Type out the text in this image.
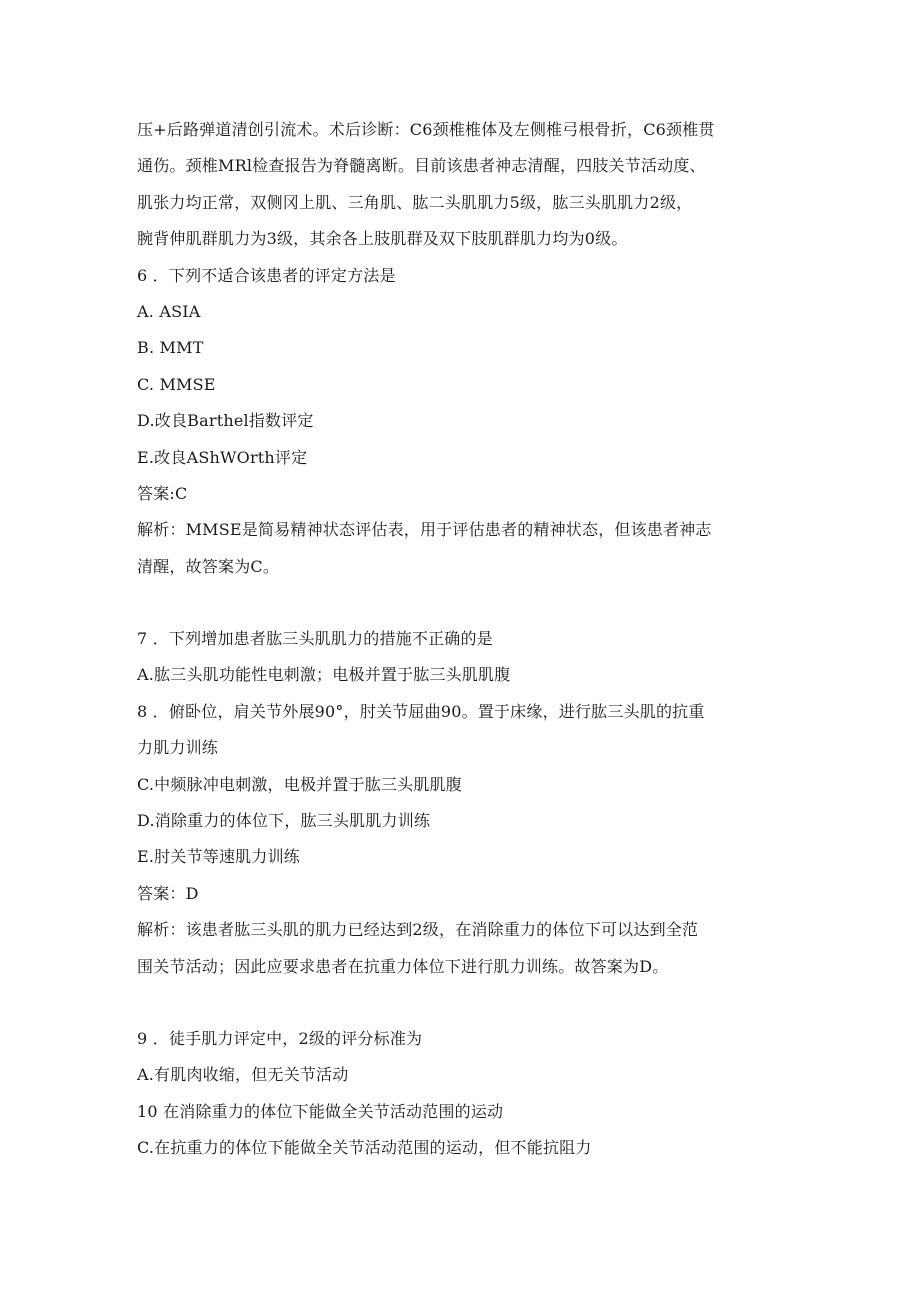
压+后路弹道清创引流术。术后诊断：C6颈椎椎体及左侧椎弓根骨折，C6颈椎贯
通伤。颈椎MRl检查报告为脊髓离断。目前该患者神志清醒，四肢关节活动度、
肌张力均正常，双侧冈上肌、三角肌、肱二头肌肌力5级，肱三头肌肌力2级，
腕背伸肌群肌力为3级，其余各上肢肌群及双下肢肌群肌力均为0级。
6 ．下列不适合该患者的评定方法是
A. ASIA
B. MMT
C. MMSE
D.改良Barthel指数评定
E.改良AShWOrth评定
答案:C
解析：MMSE是简易精神状态评估表，用于评估患者的精神状态，但该患者神志
清醒，故答案为C。
7 ．下列增加患者肱三头肌肌力的措施不正确的是
A.肱三头肌功能性电刺激；电极并置于肱三头肌肌腹
8 ．俯卧位，肩关节外展90°，肘关节屈曲90。置于床缘，进行肱三头肌的抗重
力肌力训练
C.中频脉冲电刺激，电极并置于肱三头肌肌腹
D.消除重力的体位下，肱三头肌肌力训练
E.肘关节等速肌力训练
答案：D
解析：该患者肱三头肌的肌力已经达到2级，在消除重力的体位下可以达到全范
围关节活动；因此应要求患者在抗重力体位下进行肌力训练。故答案为D。
9 ．徒手肌力评定中，2级的评分标准为
A.有肌肉收缩，但无关节活动
10 在消除重力的体位下能做全关节活动范围的运动
C.在抗重力的体位下能做全关节活动范围的运动，但不能抗阻力
